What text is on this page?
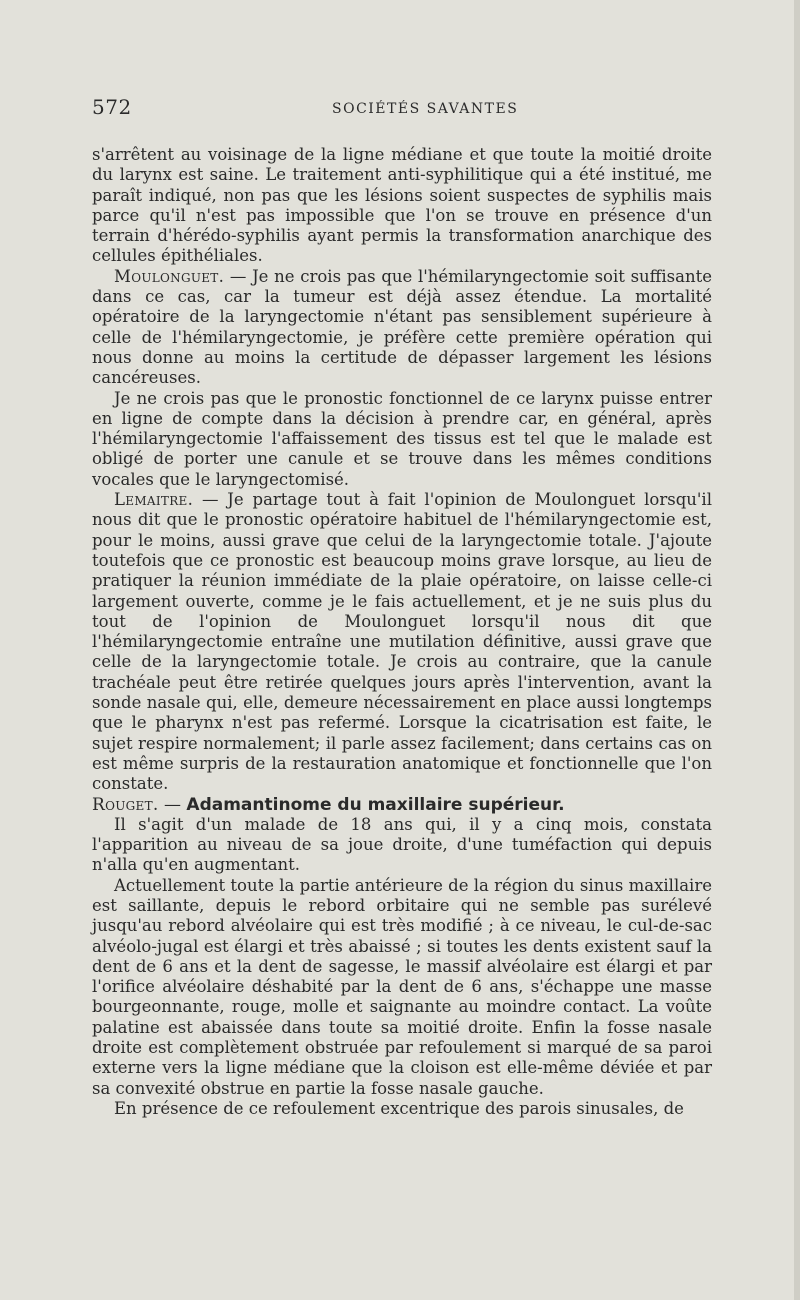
572	SOCIÉTÉS SAVANTES

s'arrêtent au voisinage de la ligne médiane et que toute la moitié droite du larynx est saine. Le traitement anti-syphilitique qui a été institué, me paraît indiqué, non pas que les lésions soient suspectes de syphilis mais parce qu'il n'est pas impossible que l'on se trouve en présence d'un terrain d'hérédo-syphilis ayant permis la transformation anarchique des cellules épithéliales.

Moulonguet. — Je ne crois pas que l'hémilaryngectomie soit suffisante dans ce cas, car la tumeur est déjà assez étendue. La mortalité opératoire de la laryngectomie n'étant pas sensiblement supérieure à celle de l'hémilaryngectomie, je préfère cette première opération qui nous donne au moins la certitude de dépasser largement les lésions cancéreuses.

Je ne crois pas que le pronostic fonctionnel de ce larynx puisse entrer en ligne de compte dans la décision à prendre car, en général, après l'hémilaryngectomie l'affaissement des tissus est tel que le malade est obligé de porter une canule et se trouve dans les mêmes conditions vocales que le laryngectomisé.

Lemaitre. — Je partage tout à fait l'opinion de Moulonguet lorsqu'il nous dit que le pronostic opératoire habituel de l'hémilaryngectomie est, pour le moins, aussi grave que celui de la laryngectomie totale. J'ajoute toutefois que ce pronostic est beaucoup moins grave lorsque, au lieu de pratiquer la réunion immédiate de la plaie opératoire, on laisse celle-ci largement ouverte, comme je le fais actuellement, et je ne suis plus du tout de l'opinion de Moulonguet lorsqu'il nous dit que l'hémilaryngectomie entraîne une mutilation définitive, aussi grave que celle de la laryngectomie totale. Je crois au contraire, que la canule trachéale peut être retirée quelques jours après l'intervention, avant la sonde nasale qui, elle, demeure nécessairement en place aussi longtemps que le pharynx n'est pas refermé. Lorsque la cicatrisation est faite, le sujet respire normalement; il parle assez facilement; dans certains cas on est même surpris de la restauration anatomique et fonctionnelle que l'on constate.

Rouget. — Adamantinome du maxillaire supérieur.

Il s'agit d'un malade de 18 ans qui, il y a cinq mois, constata l'apparition au niveau de sa joue droite, d'une tuméfaction qui depuis n'alla qu'en augmentant.

Actuellement toute la partie antérieure de la région du sinus maxillaire est saillante, depuis le rebord orbitaire qui ne semble pas surélevé jusqu'au rebord alvéolaire qui est très modifié ; à ce niveau, le cul-de-sac alvéolo-jugal est élargi et très abaissé ; si toutes les dents existent sauf la dent de 6 ans et la dent de sagesse, le massif alvéolaire est élargi et par l'orifice alvéolaire déshabité par la dent de 6 ans, s'échappe une masse bourgeonnante, rouge, molle et saignante au moindre contact. La voûte palatine est abaissée dans toute sa moitié droite. Enfin la fosse nasale droite est complètement obstruée par refoulement si marqué de sa paroi externe vers la ligne médiane que la cloison est elle-même déviée et par sa convexité obstrue en partie la fosse nasale gauche.

En présence de ce refoulement excentrique des parois sinusales, de
